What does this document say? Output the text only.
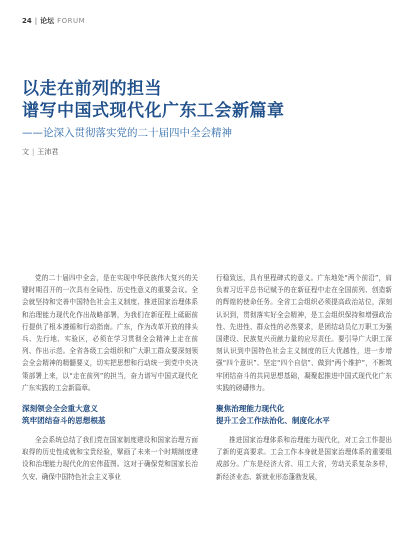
24 | 论坛 FORUM
以走在前列的担当
谱写中国式现代化广东工会新篇章
——论深入贯彻落实党的二十届四中全会精神
文 | 王沛君

党的二十届四中全会，是在实现中华民族伟大复兴的关键时期召开的一次具有全局性、历史性意义的重要会议。全会就坚持和完善中国特色社会主义制度、推进国家治理体系和治理能力现代化作出战略部署，为我们在新征程上砥砺前行提供了根本遵循和行动指南。广东，作为改革开放的排头兵、先行地、实验区，必须在学习贯彻全会精神上走在前列、作出示范。全省各级工会组织和广大职工群众要深刻领会全会精神的精髓要义，切实把思想和行动统一到党中央决策部署上来，以“走在前列”的担当，奋力谱写中国式现代化广东实践的工会新篇章。

深刻领会全会重大意义
筑牢团结奋斗的思想根基

全会系统总结了我们党在国家制度建设和国家治理方面取得的历史性成就和宝贵经验，擘画了未来一个时期制度建设和治理能力现代化的宏伟蓝图。这对于确保党和国家长治久安、确保中国特色社会主义事业

行稳致远，具有里程碑式的意义。广东地处“两个前沿”，肩负着习近平总书记赋予的在新征程中走在全国前列、创造新的辉煌的使命任务。全省工会组织必须提高政治站位，深刻认识到，贯彻落实好全会精神，是工会组织保持和增强政治性、先进性、群众性的必然要求，是团结动员亿万职工为强国建设、民族复兴贡献力量的应尽责任。要引导广大职工深刻认识到中国特色社会主义制度的巨大优越性，进一步增强“四个意识”、坚定“四个自信”、做到“两个维护”，不断筑牢团结奋斗的共同思想基础，凝聚起推进中国式现代化广东实践的磅礴伟力。

聚焦治理能力现代化
提升工会工作法治化、制度化水平

推进国家治理体系和治理能力现代化，对工会工作提出了新的更高要求。工会工作本身就是国家治理体系的重要组成部分。广东是经济大省、用工大省，劳动关系复杂多样，新经济业态、新就业形态蓬勃发展，
